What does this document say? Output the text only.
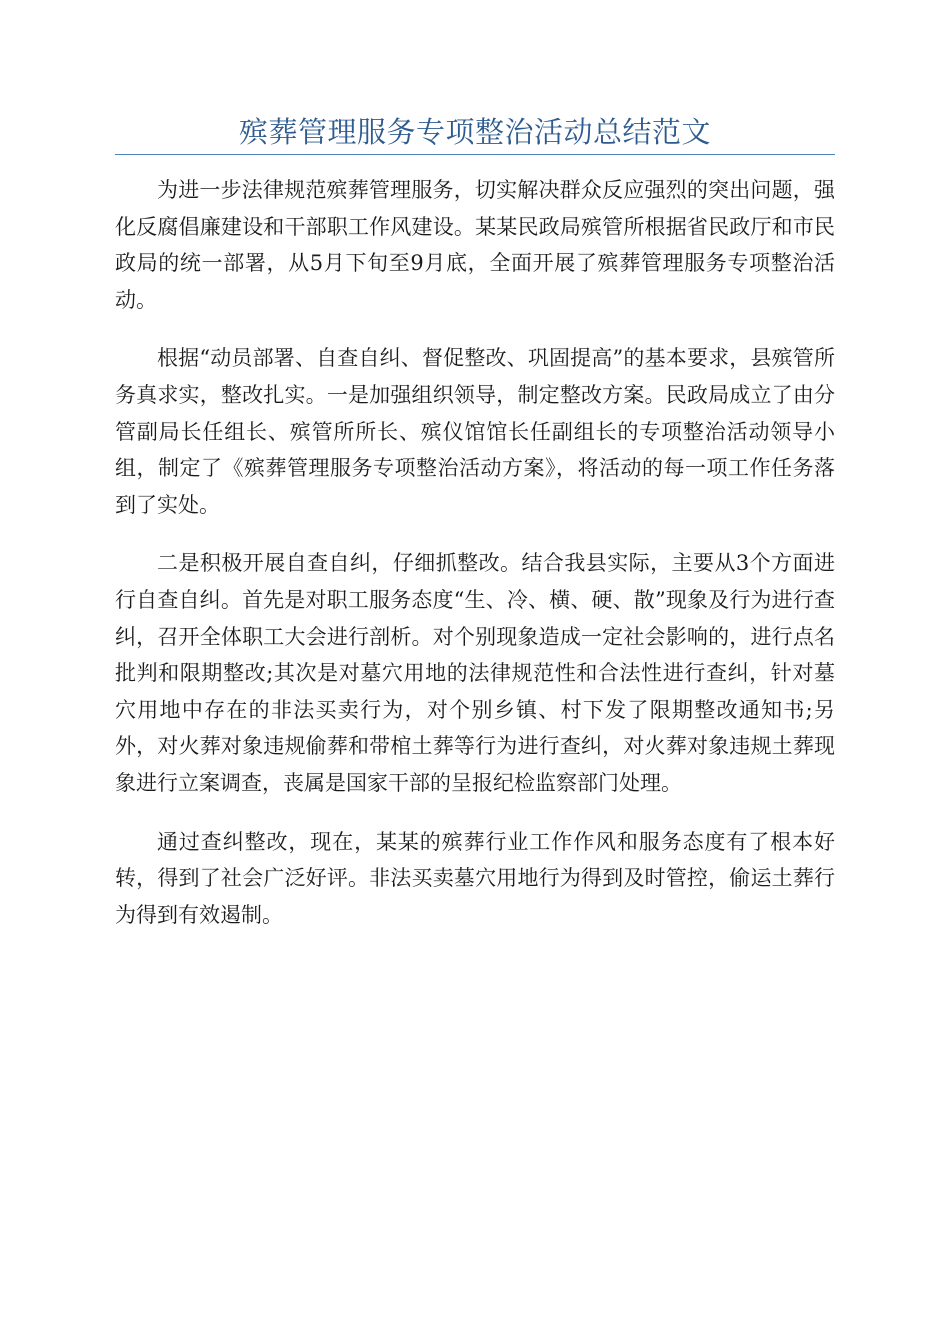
殡葬管理服务专项整治活动总结范文

为进一步法律规范殡葬管理服务，切实解决群众反应强烈的突出问题，强化反腐倡廉建设和干部职工作风建设。某某民政局殡管所根据省民政厅和市民政局的统一部署，从5月下旬至9月底，全面开展了殡葬管理服务专项整治活动。

根据“动员部署、自查自纠、督促整改、巩固提高”的基本要求，县殡管所务真求实，整改扎实。一是加强组织领导，制定整改方案。民政局成立了由分管副局长任组长、殡管所所长、殡仪馆馆长任副组长的专项整治活动领导小组，制定了《殡葬管理服务专项整治活动方案》，将活动的每一项工作任务落到了实处。

二是积极开展自查自纠，仔细抓整改。结合我县实际，主要从3个方面进行自查自纠。首先是对职工服务态度“生、冷、横、硬、散”现象及行为进行查纠，召开全体职工大会进行剖析。对个别现象造成一定社会影响的，进行点名批判和限期整改;其次是对墓穴用地的法律规范性和合法性进行查纠，针对墓穴用地中存在的非法买卖行为，对个别乡镇、村下发了限期整改通知书;另外，对火葬对象违规偷葬和带棺土葬等行为进行查纠，对火葬对象违规土葬现象进行立案调查，丧属是国家干部的呈报纪检监察部门处理。

通过查纠整改，现在，某某的殡葬行业工作作风和服务态度有了根本好转，得到了社会广泛好评。非法买卖墓穴用地行为得到及时管控，偷运土葬行为得到有效遏制。
